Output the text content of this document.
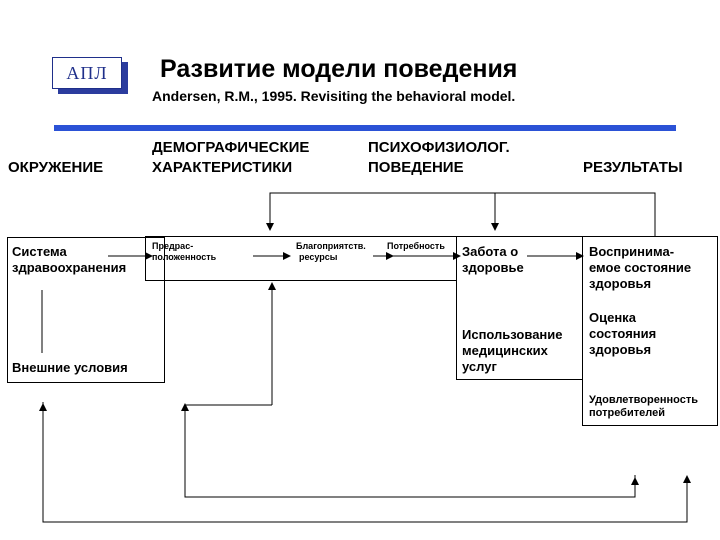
АПЛ	Развитие модели поведения
Andersen, R.M., 1995. Revisiting the behavioral model.
ОКРУЖЕНИЕ
ДЕМОГРАФИЧЕСКИЕ
ХАРАКТЕРИСТИКИ
ПСИХОФИЗИОЛОГ.
ПОВЕДЕНИЕ	РЕЗУЛЬТАТЫ
Система
здравоохранения
Внешние условия
Предрас-
положенность
Благоприятств.
ресурсы
Потребность Забота о
здоровье
Использование
медицинских
услуг
Воспринима-
емое состояние
здоровья
Оценка
состояния
здоровья
Удовлетворенность
потребителей
